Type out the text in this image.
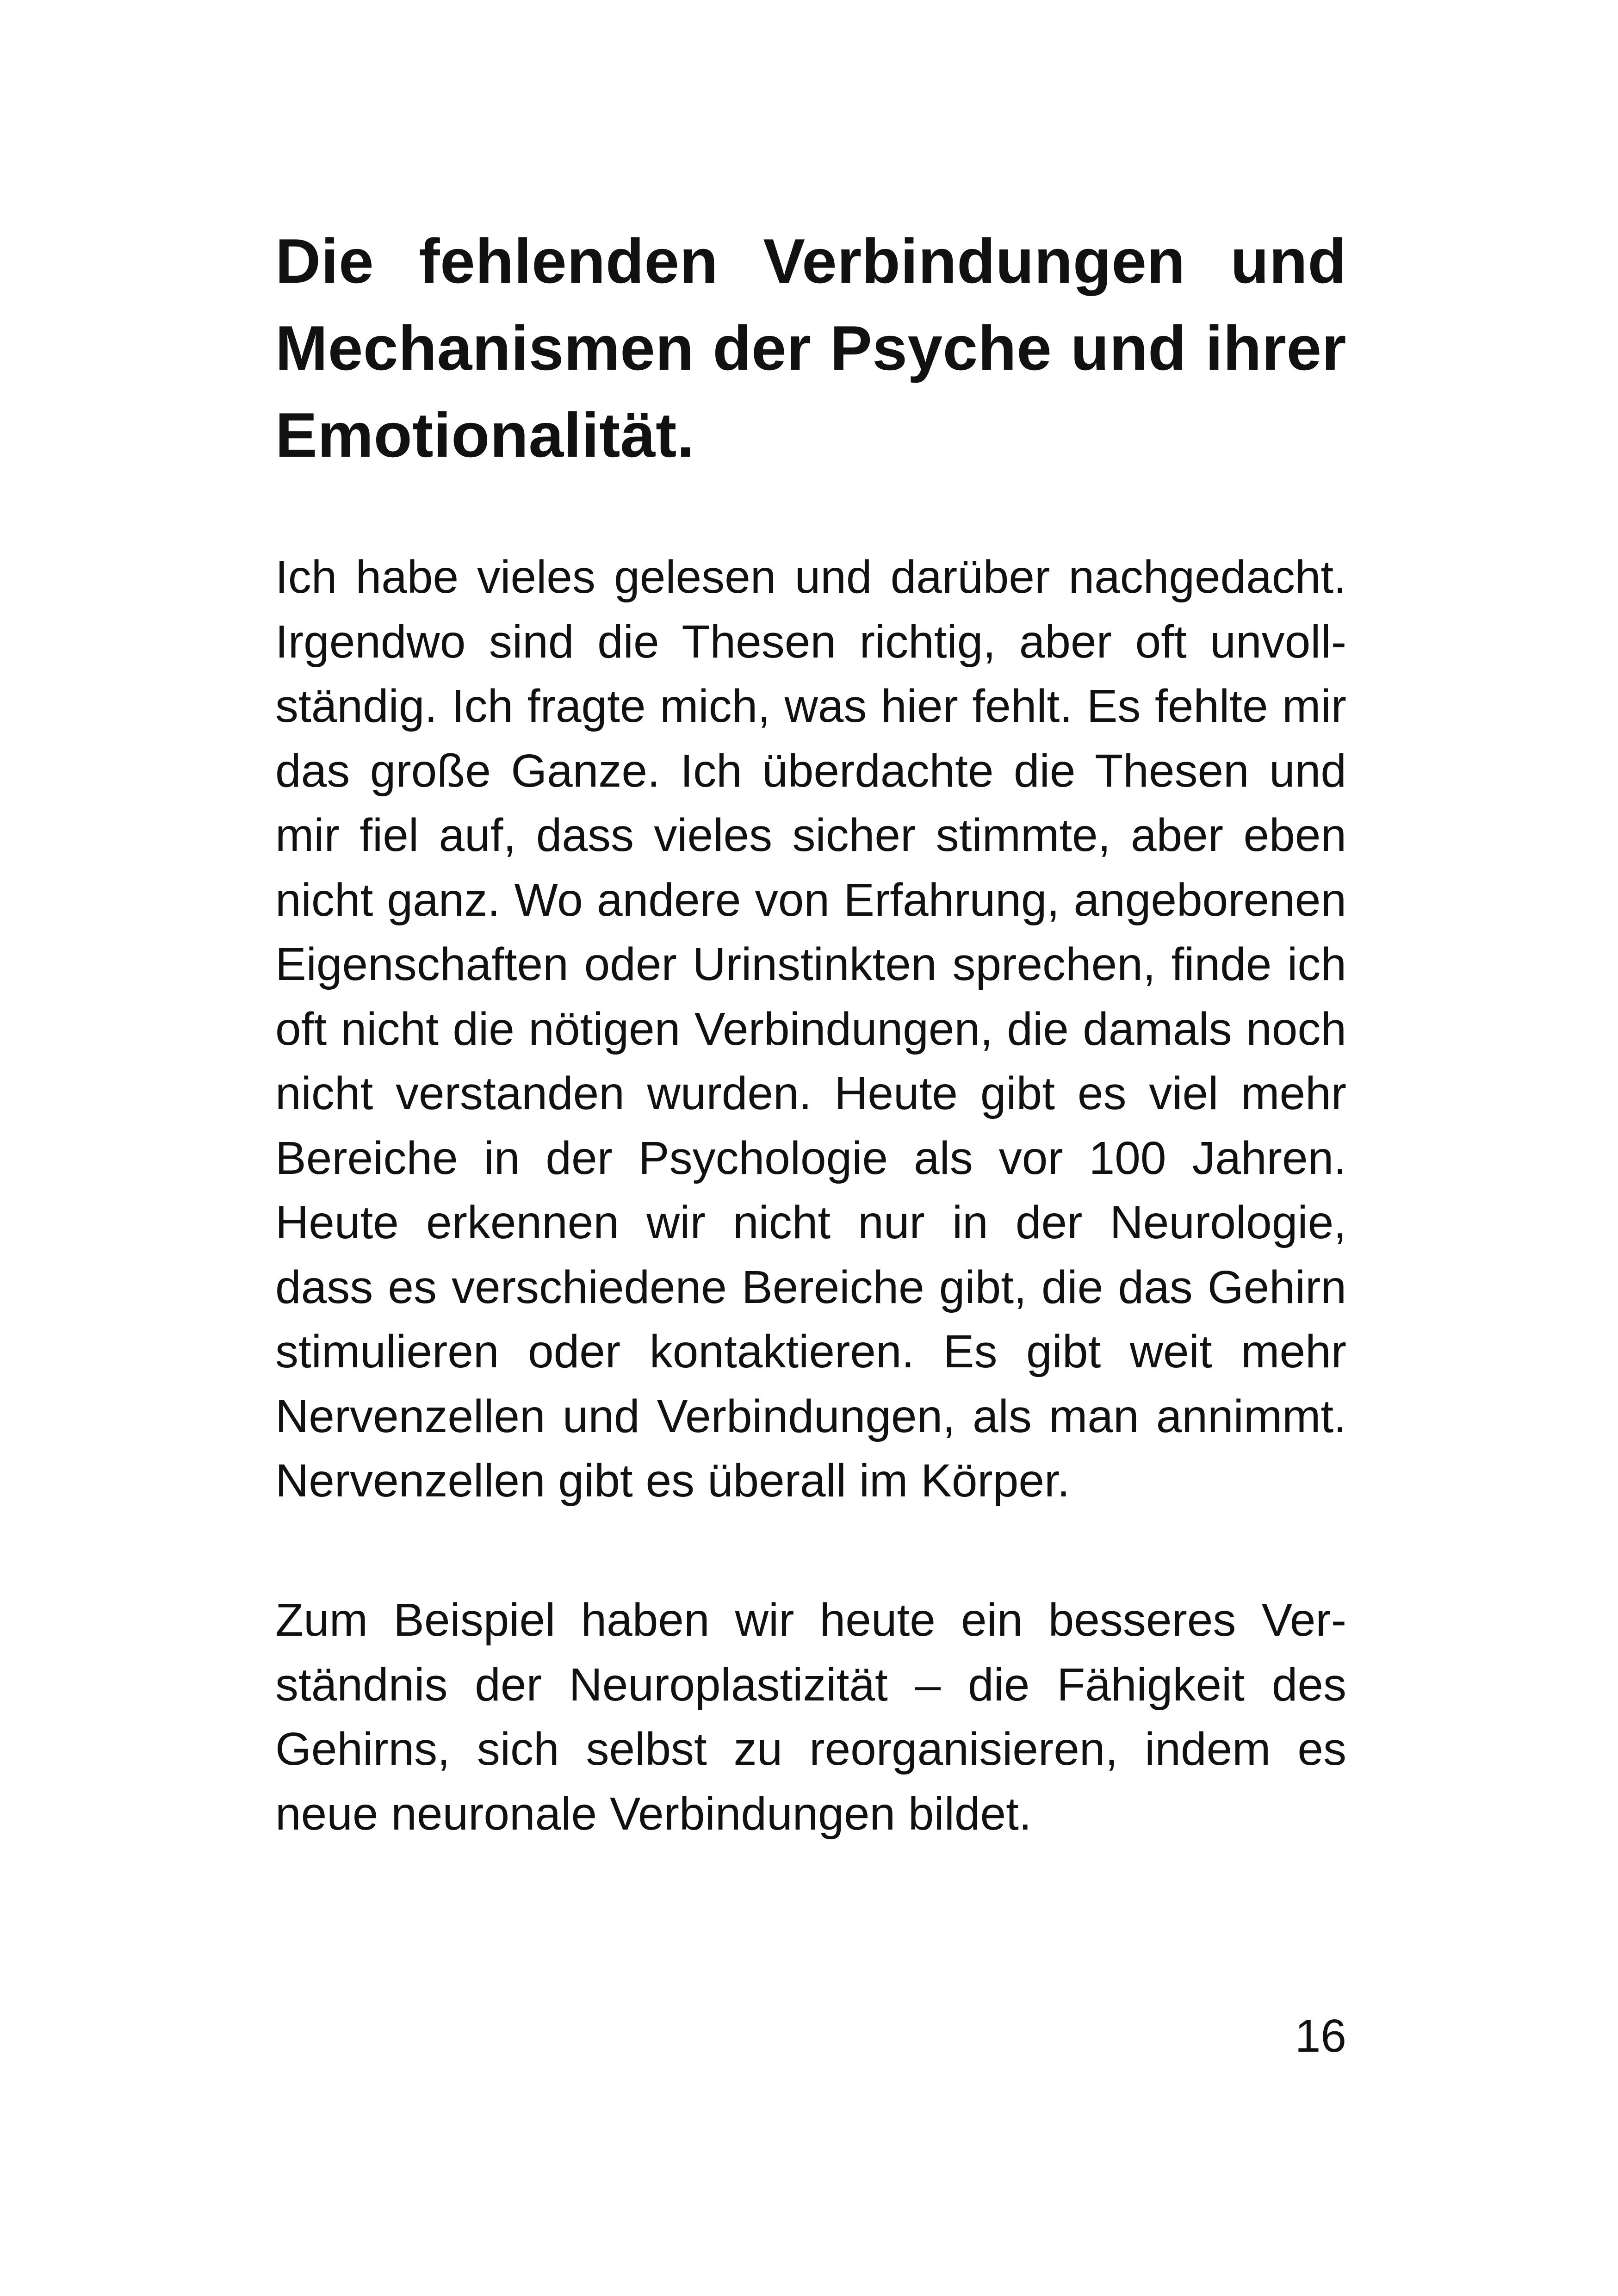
Die fehlenden Verbindungen und Mechanismen der Psyche und ihrer Emotionalität.

Ich habe vieles gelesen und darüber nachgedacht. Irgendwo sind die Thesen richtig, aber oft unvollständig. Ich fragte mich, was hier fehlt. Es fehlte mir das große Ganze. Ich überdachte die Thesen und mir fiel auf, dass vieles sicher stimmte, aber eben nicht ganz. Wo andere von Erfahrung, angeborenen Eigenschaften oder Urinstinkten sprechen, finde ich oft nicht die nötigen Verbindungen, die damals noch nicht verstanden wurden. Heute gibt es viel mehr Bereiche in der Psychologie als vor 100 Jahren. Heute erkennen wir nicht nur in der Neurologie, dass es verschiedene Bereiche gibt, die das Gehirn stimulieren oder kontaktieren. Es gibt weit mehr Nervenzellen und Verbindungen, als man annimmt. Nervenzellen gibt es überall im Körper.

Zum Beispiel haben wir heute ein besseres Verständnis der Neuroplastizität – die Fähigkeit des Gehirns, sich selbst zu reorganisieren, indem es neue neuronale Verbindungen bildet.

16
